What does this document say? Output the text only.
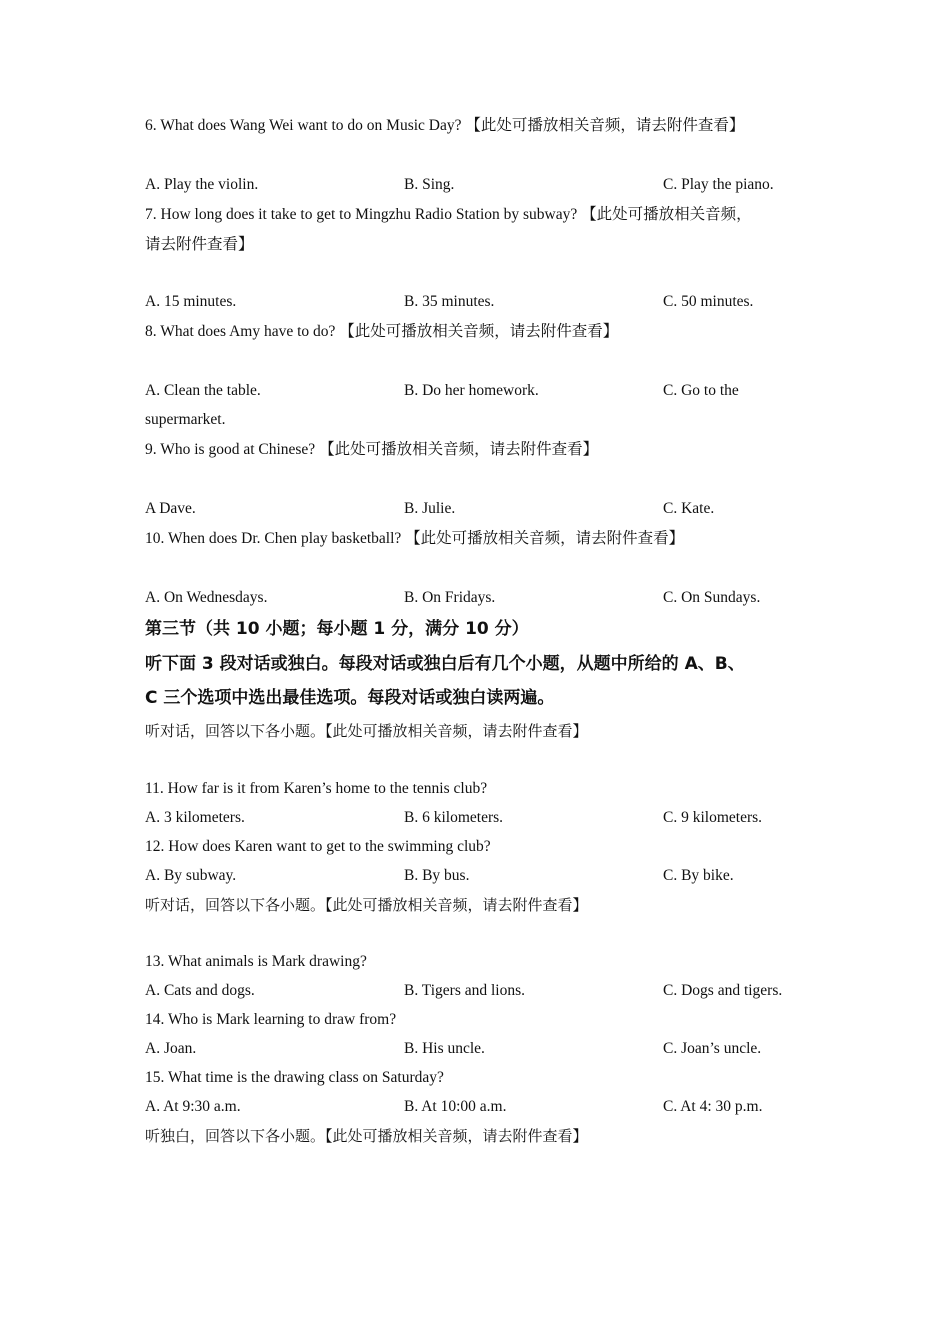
6. What does Wang Wei want to do on Music Day? 【此处可播放相关音频，请去附件查看】
A. Play the violin.	B. Sing.	C. Play the piano.
7. How long does it take to get to Mingzhu Radio Station by subway? 【此处可播放相关音频，
请去附件查看】
A. 15 minutes.	B. 35 minutes.	C. 50 minutes.
8. What does Amy have to do? 【此处可播放相关音频，请去附件查看】
A. Clean the table.	B. Do her homework.	C. Go to the
supermarket.
9. Who is good at Chinese? 【此处可播放相关音频，请去附件查看】
A Dave.	B. Julie.	C. Kate.
10. When does Dr. Chen play basketball? 【此处可播放相关音频，请去附件查看】
A. On Wednesdays.	B. On Fridays.	C. On Sundays.
第三节（共 10 小题；每小题 1 分，满分 10 分）
听下面 3 段对话或独白。每段对话或独白后有几个小题，从题中所给的 A、B、
C 三个选项中选出最佳选项。每段对话或独白读两遍。
听对话，回答以下各小题。【此处可播放相关音频，请去附件查看】
11. How far is it from Karen’s home to the tennis club?
A. 3 kilometers.	B. 6 kilometers.	C. 9 kilometers.
12. How does Karen want to get to the swimming club?
A. By subway.	B. By bus.	C. By bike.
听对话，回答以下各小题。【此处可播放相关音频，请去附件查看】
13. What animals is Mark drawing?
A. Cats and dogs.	B. Tigers and lions.	C. Dogs and tigers.
14. Who is Mark learning to draw from?
A. Joan.	B. His uncle.	C. Joan’s uncle.
15. What time is the drawing class on Saturday?
A. At 9:30 a.m.	B. At 10:00 a.m.	C. At 4: 30 p.m.
听独白，回答以下各小题。【此处可播放相关音频，请去附件查看】
